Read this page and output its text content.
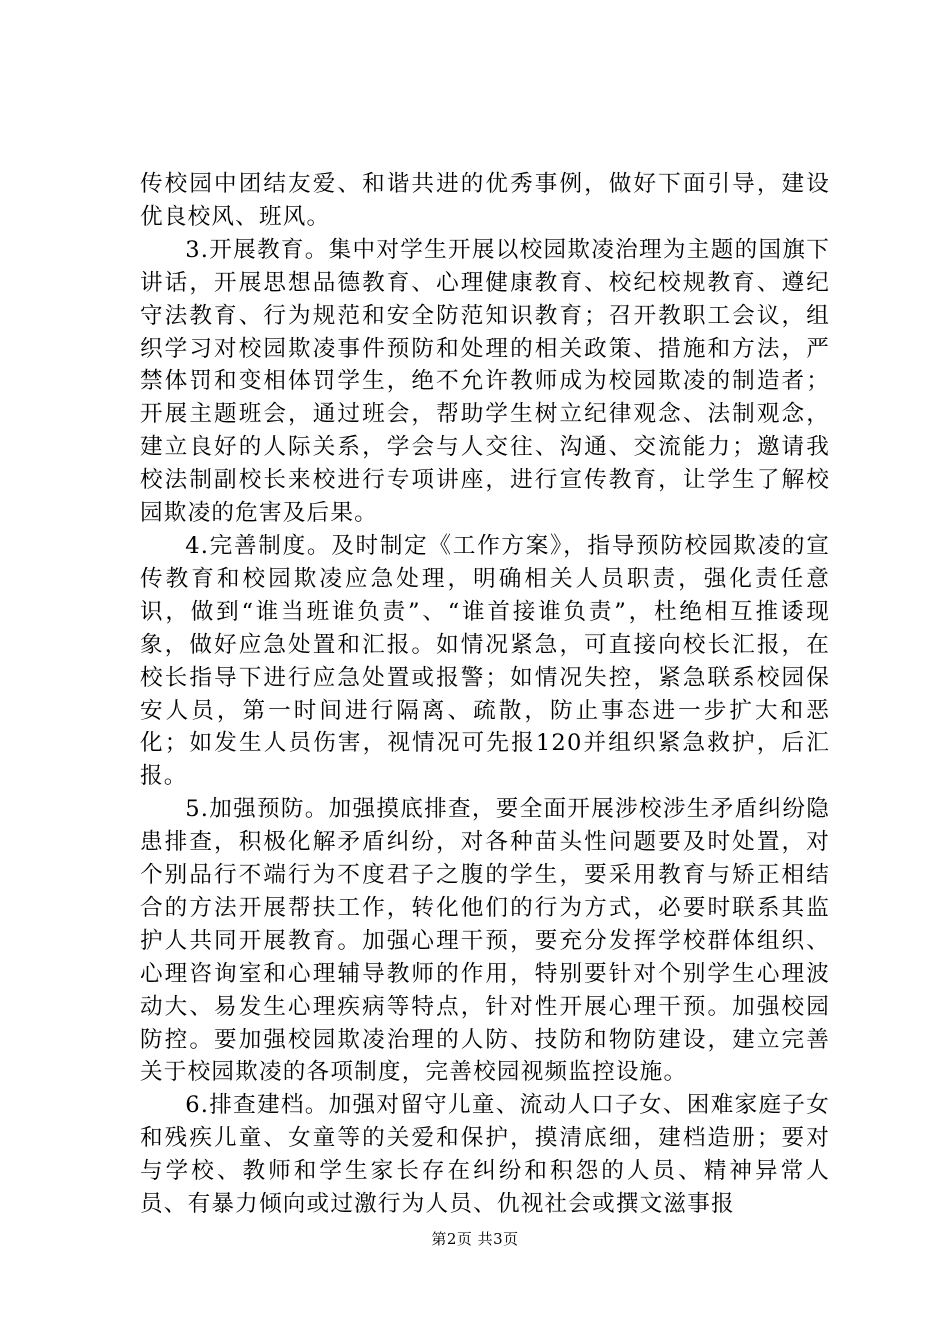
传校园中团结友爱、和谐共进的优秀事例，做好下面引导，建设优良校风、班风。

3.开展教育。集中对学生开展以校园欺凌治理为主题的国旗下讲话，开展思想品德教育、心理健康教育、校纪校规教育、遵纪守法教育、行为规范和安全防范知识教育；召开教职工会议，组织学习对校园欺凌事件预防和处理的相关政策、措施和方法，严禁体罚和变相体罚学生，绝不允许教师成为校园欺凌的制造者；开展主题班会，通过班会，帮助学生树立纪律观念、法制观念，建立良好的人际关系，学会与人交往、沟通、交流能力；邀请我校法制副校长来校进行专项讲座，进行宣传教育，让学生了解校园欺凌的危害及后果。

4.完善制度。及时制定《工作方案》，指导预防校园欺凌的宣传教育和校园欺凌应急处理，明确相关人员职责，强化责任意识，做到“谁当班谁负责”、“谁首接谁负责”，杜绝相互推诿现象，做好应急处置和汇报。如情况紧急，可直接向校长汇报，在校长指导下进行应急处置或报警；如情况失控，紧急联系校园保安人员，第一时间进行隔离、疏散，防止事态进一步扩大和恶化；如发生人员伤害，视情况可先报120并组织紧急救护，后汇报。

5.加强预防。加强摸底排查，要全面开展涉校涉生矛盾纠纷隐患排查，积极化解矛盾纠纷，对各种苗头性问题要及时处置，对个别品行不端行为不度君子之腹的学生，要采用教育与矫正相结合的方法开展帮扶工作，转化他们的行为方式，必要时联系其监护人共同开展教育。加强心理干预，要充分发挥学校群体组织、心理咨询室和心理辅导教师的作用，特别要针对个别学生心理波动大、易发生心理疾病等特点，针对性开展心理干预。加强校园防控。要加强校园欺凌治理的人防、技防和物防建设，建立完善关于校园欺凌的各项制度，完善校园视频监控设施。

6.排查建档。加强对留守儿童、流动人口子女、困难家庭子女和残疾儿童、女童等的关爱和保护，摸清底细，建档造册；要对与学校、教师和学生家长存在纠纷和积怨的人员、精神异常人员、有暴力倾向或过激行为人员、仇视社会或撰文滋事报

第2页 共3页
